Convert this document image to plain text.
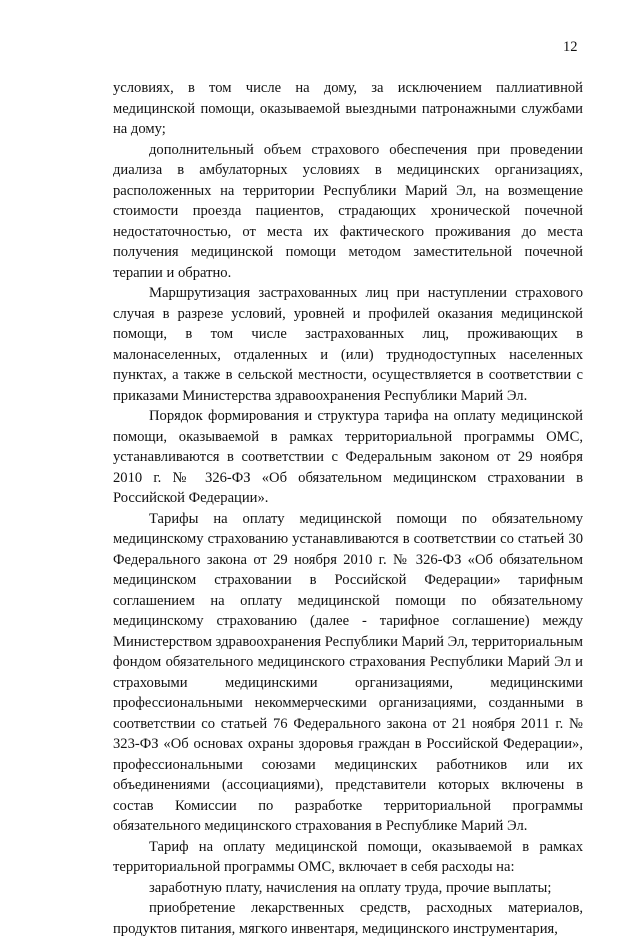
12

условиях, в том числе на дому, за исключением паллиативной медицинской помощи, оказываемой выездными патронажными службами на дому;

дополнительный объем страхового обеспечения при проведении диализа в амбулаторных условиях в медицинских организациях, расположенных на территории Республики Марий Эл, на возмещение стоимости проезда пациентов, страдающих хронической почечной недостаточностью, от места их фактического проживания до места получения медицинской помощи методом заместительной почечной терапии и обратно.

Маршрутизация застрахованных лиц при наступлении страхового случая в разрезе условий, уровней и профилей оказания медицинской помощи, в том числе застрахованных лиц, проживающих в малонаселенных, отдаленных и (или) труднодоступных населенных пунктах, а также в сельской местности, осуществляется в соответствии с приказами Министерства здравоохранения Республики Марий Эл.

Порядок формирования и структура тарифа на оплату медицинской помощи, оказываемой в рамках территориальной программы ОМС, устанавливаются в соответствии с Федеральным законом от 29 ноября 2010 г. № 326-ФЗ «Об обязательном медицинском страховании в Российской Федерации».

Тарифы на оплату медицинской помощи по обязательному медицинскому страхованию устанавливаются в соответствии со статьей 30 Федерального закона от 29 ноября 2010 г. № 326-ФЗ «Об обязательном медицинском страховании в Российской Федерации» тарифным соглашением на оплату медицинской помощи по обязательному медицинскому страхованию (далее - тарифное соглашение) между Министерством здравоохранения Республики Марий Эл, территориальным фондом обязательного медицинского страхования Республики Марий Эл и страховыми медицинскими организациями, медицинскими профессиональными некоммерческими организациями, созданными в соответствии со статьей 76 Федерального закона от 21 ноября 2011 г. № 323-ФЗ «Об основах охраны здоровья граждан в Российской Федерации», профессиональными союзами медицинских работников или их объединениями (ассоциациями), представители которых включены в состав Комиссии по разработке территориальной программы обязательного медицинского страхования в Республике Марий Эл.

Тариф на оплату медицинской помощи, оказываемой в рамках территориальной программы ОМС, включает в себя расходы на:

заработную плату, начисления на оплату труда, прочие выплаты;

приобретение лекарственных средств, расходных материалов, продуктов питания, мягкого инвентаря, медицинского инструментария,
